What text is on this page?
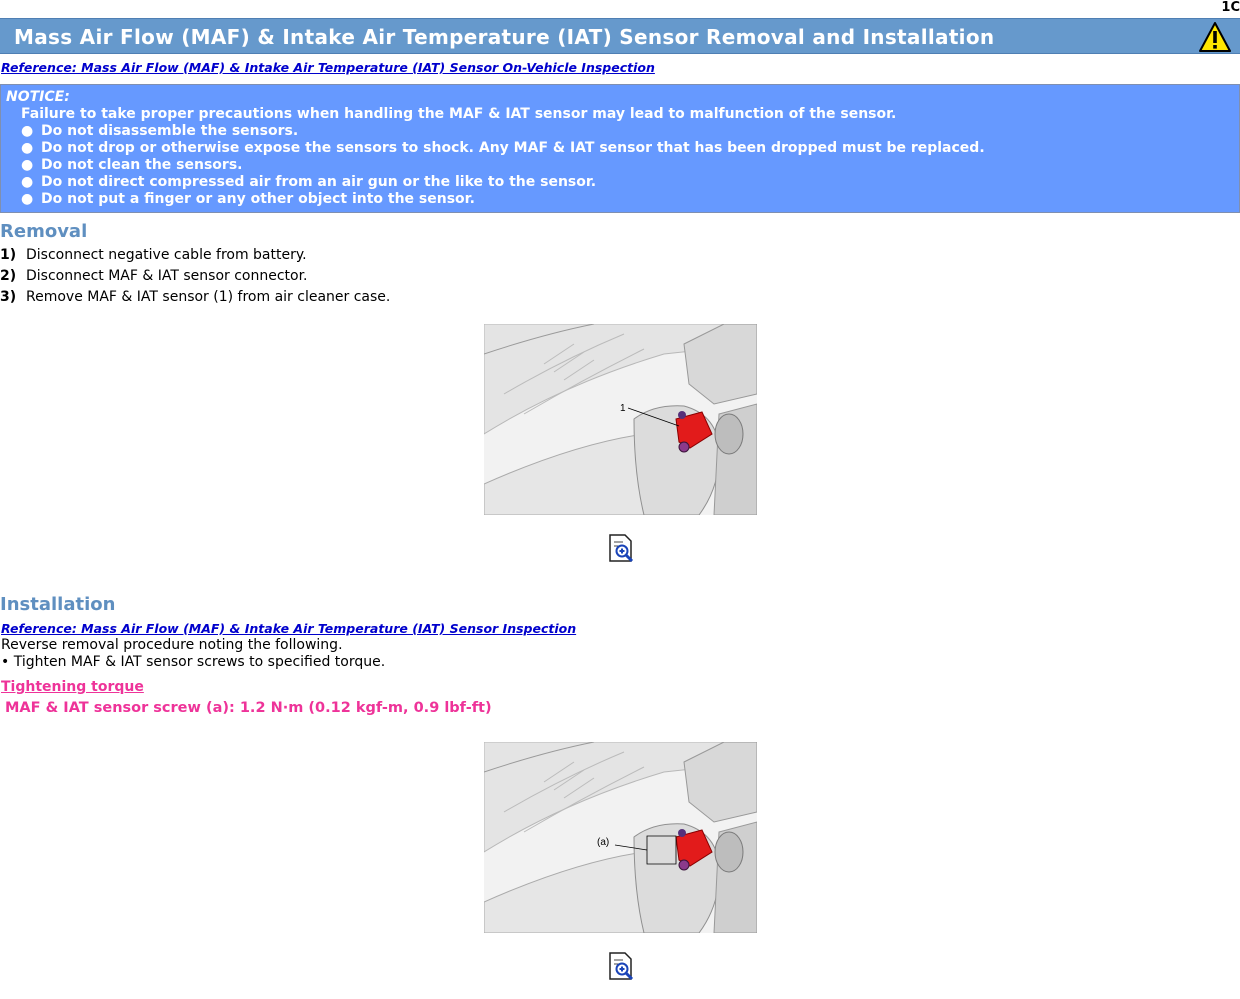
1C
Mass Air Flow (MAF) & Intake Air Temperature (IAT) Sensor Removal and Installation
Reference: Mass Air Flow (MAF) & Intake Air Temperature (IAT) Sensor On-Vehicle Inspection
NOTICE:
Failure to take proper precautions when handling the MAF & IAT sensor may lead to malfunction of the sensor.
● Do not disassemble the sensors.
● Do not drop or otherwise expose the sensors to shock. Any MAF & IAT sensor that has been dropped must be replaced.
● Do not clean the sensors.
● Do not direct compressed air from an air gun or the like to the sensor.
● Do not put a finger or any other object into the sensor.
Removal
1) Disconnect negative cable from battery.
2) Disconnect MAF & IAT sensor connector.
3) Remove MAF & IAT sensor (1) from air cleaner case.
1
Installation
Reference: Mass Air Flow (MAF) & Intake Air Temperature (IAT) Sensor Inspection
Reverse removal procedure noting the following.
• Tighten MAF & IAT sensor screws to specified torque.
Tightening torque
MAF & IAT sensor screw (a): 1.2 N·m (0.12 kgf-m, 0.9 lbf-ft)
(a)
